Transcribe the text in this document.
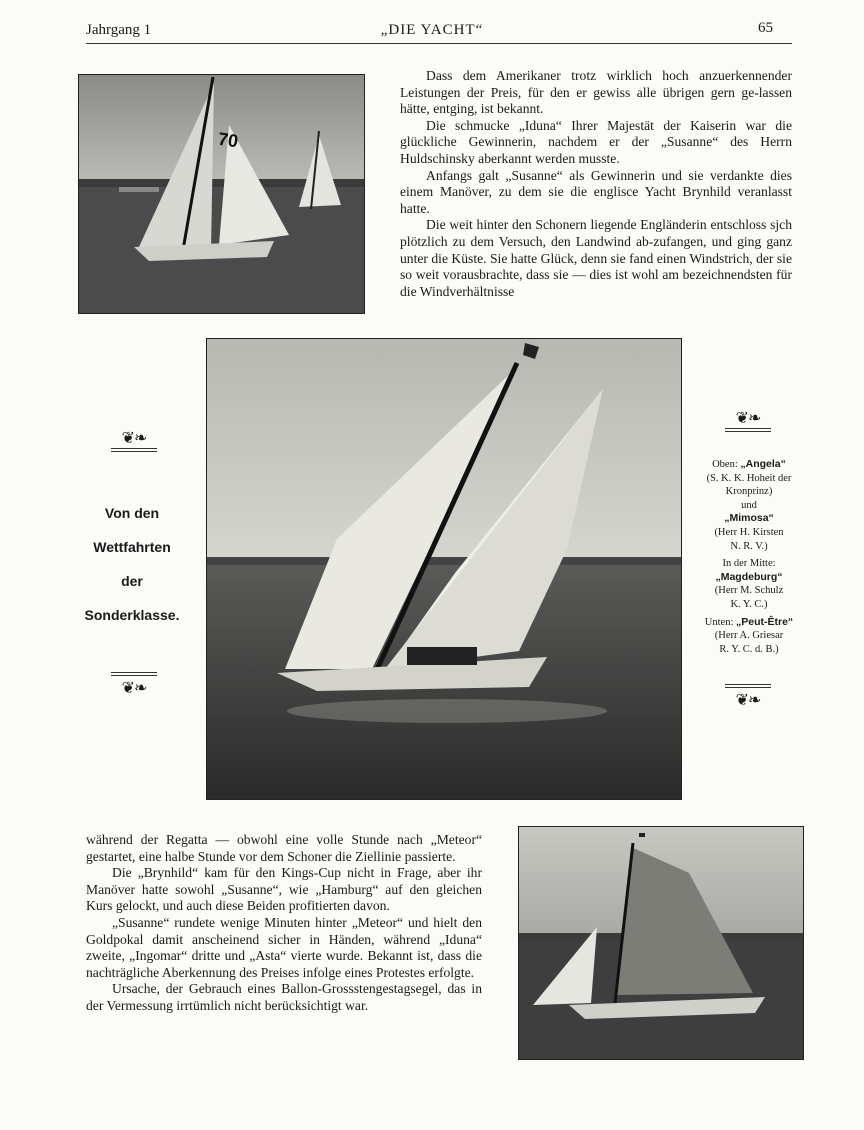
Jahrgang 1	„DIE YACHT“	65
70

Dass dem Amerikaner trotz wirklich hoch anzuerkennender Leistungen der Preis, für den er gewiss alle übrigen gern ge-lassen hätte, entging, ist bekannt.

Die schmucke „Iduna“ Ihrer Majestät der Kaiserin war die glückliche Gewinnerin, nachdem er der „Susanne“ des Herrn Huldschinsky aberkannt werden musste.

Anfangs galt „Susanne“ als Gewinnerin und sie verdankte dies einem Manöver, zu dem sie die englisce Yacht Brynhild veranlasst hatte.

Die weit hinter den Schonern liegende Engländerin entschloss sjch plötzlich zu dem Versuch, den Landwind ab-zufangen, und ging ganz unter die Küste. Sie hatte Glück, denn sie fand einen Windstrich, der sie so weit vorausbrachte, dass sie — dies ist wohl am bezeichnendsten für die Windverhältnisse

❦❧
Von den
Wettfahrten
der
Sonderklasse.
❦❧
❦❧
Oben: „Angela“
(S. K. K. Hoheit der
Kronprinz)
und
„Mimosa“
(Herr H. Kirsten
N. R. V.)
In der Mitte:
„Magdeburg“
(Herr M. Schulz
K. Y. C.)
Unten: „Peut-Être“
(Herr A. Griesar
R. Y. C. d. B.)
❦❧

während der Regatta — obwohl eine volle Stunde nach „Meteor“ gestartet, eine halbe Stunde vor dem Schoner die Ziellinie passierte.

Die „Brynhild“ kam für den Kings-Cup nicht in Frage, aber ihr Manöver hatte sowohl „Susanne“, wie „Hamburg“ auf den gleichen Kurs gelockt, und auch diese Beiden profitierten davon.

„Susanne“ rundete wenige Minuten hinter „Meteor“ und hielt den Goldpokal damit anscheinend sicher in Händen, während „Iduna“ zweite, „Ingomar“ dritte und „Asta“ vierte wurde. Bekannt ist, dass die nachträgliche Aberkennung des Preises infolge eines Protestes erfolgte.

Ursache, der Gebrauch eines Ballon-Grossstengestagsegel, das in der Vermessung irrtümlich nicht berücksichtigt war.
